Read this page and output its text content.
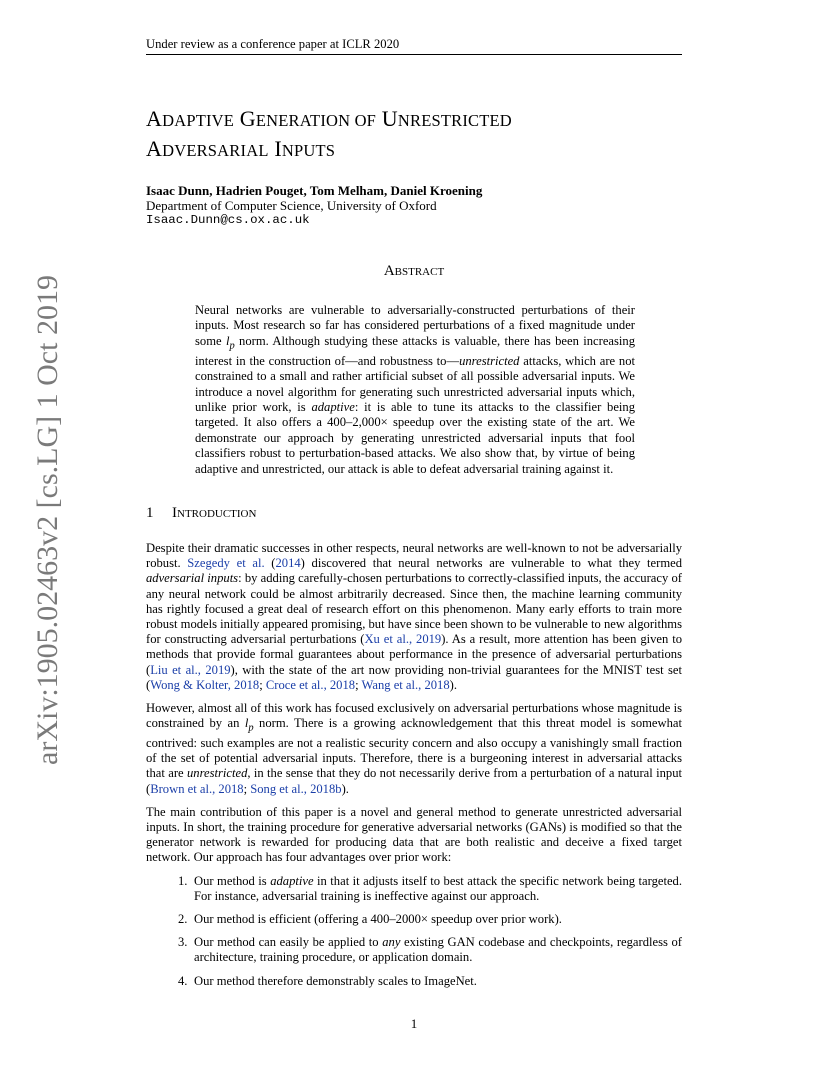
Under review as a conference paper at ICLR 2020
arXiv:1905.02463v2 [cs.LG] 1 Oct 2019
ADAPTIVE GENERATION OF UNRESTRICTED
ADVERSARIAL INPUTS
Isaac Dunn, Hadrien Pouget, Tom Melham, Daniel Kroening
Department of Computer Science, University of Oxford
Isaac.Dunn@cs.ox.ac.uk
Abstract
Neural networks are vulnerable to adversarially-constructed perturbations of their inputs. Most research so far has considered perturbations of a fixed magnitude under some $l_p$ norm. Although studying these attacks is valuable, there has been increasing interest in the construction of—and robustness to—unrestricted attacks, which are not constrained to a small and rather artificial subset of all possible adversarial inputs. We introduce a novel algorithm for generating such unrestricted adversarial inputs which, unlike prior work, is adaptive: it is able to tune its attacks to the classifier being targeted. It also offers a 400–2,000× speedup over the existing state of the art. We demonstrate our approach by generating unrestricted adversarial inputs that fool classifiers robust to perturbation-based attacks. We also show that, by virtue of being adaptive and unrestricted, our attack is able to defeat adversarial training against it.
1 Introduction

Despite their dramatic successes in other respects, neural networks are well-known to not be adversarially robust. Szegedy et al. (2014) discovered that neural networks are vulnerable to what they termed adversarial inputs: by adding carefully-chosen perturbations to correctly-classified inputs, the accuracy of any neural network could be almost arbitrarily decreased. Since then, the machine learning community has rightly focused a great deal of research effort on this phenomenon. Many early efforts to train more robust models initially appeared promising, but have since been shown to be vulnerable to new algorithms for constructing adversarial perturbations (Xu et al., 2019). As a result, more attention has been given to methods that provide formal guarantees about performance in the presence of adversarial perturbations (Liu et al., 2019), with the state of the art now providing non-trivial guarantees for the MNIST test set (Wong & Kolter, 2018; Croce et al., 2018; Wang et al., 2018).

However, almost all of this work has focused exclusively on adversarial perturbations whose magnitude is constrained by an $l_p$ norm. There is a growing acknowledgement that this threat model is somewhat contrived: such examples are not a realistic security concern and also occupy a vanishingly small fraction of the set of potential adversarial inputs. Therefore, there is a burgeoning interest in adversarial attacks that are unrestricted, in the sense that they do not necessarily derive from a perturbation of a natural input (Brown et al., 2018; Song et al., 2018b).

The main contribution of this paper is a novel and general method to generate unrestricted adversarial inputs. In short, the training procedure for generative adversarial networks (GANs) is modified so that the generator network is rewarded for producing data that are both realistic and deceive a fixed target network. Our approach has four advantages over prior work:

1. Our method is adaptive in that it adjusts itself to best attack the specific network being targeted. For instance, adversarial training is ineffective against our approach.
2. Our method is efficient (offering a 400–2000× speedup over prior work).
3. Our method can easily be applied to any existing GAN codebase and checkpoints, regardless of architecture, training procedure, or application domain.
4. Our method therefore demonstrably scales to ImageNet.
1
